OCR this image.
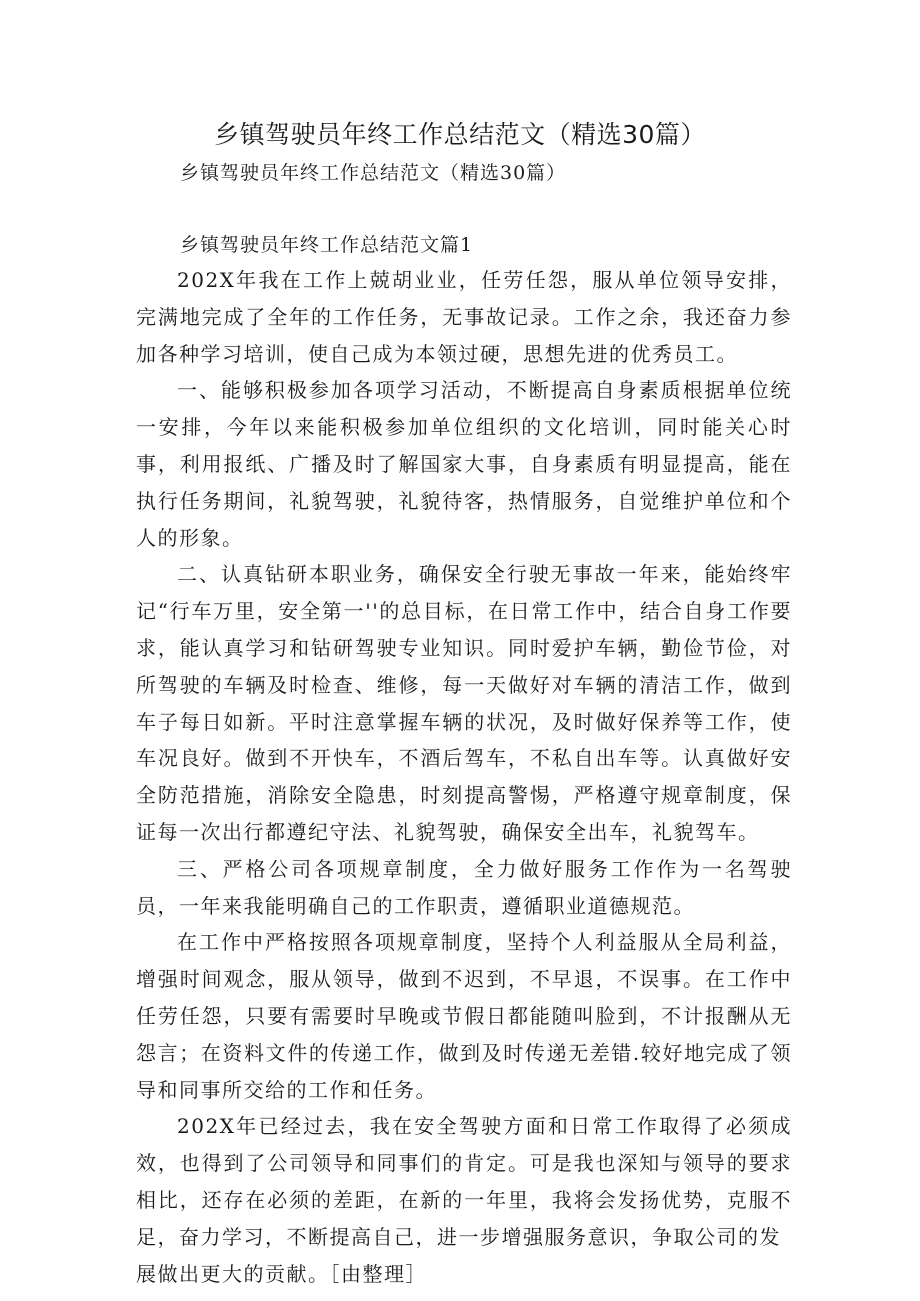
乡镇驾驶员年终工作总结范文（精选30篇）
乡镇驾驶员年终工作总结范文（精选30篇）
乡镇驾驶员年终工作总结范文篇1

202X年我在工作上兢胡业业，任劳任怨，服从单位领导安排，完满地完成了全年的工作任务，无事故记录。工作之余，我还奋力参加各种学习培训，使自己成为本领过硬，思想先进的优秀员工。

一、能够积极参加各项学习活动，不断提高自身素质根据单位统一安排，今年以来能积极参加单位组织的文化培训，同时能关心时事，利用报纸、广播及时了解国家大事，自身素质有明显提高，能在执行任务期间，礼貌驾驶，礼貌待客，热情服务，自觉维护单位和个人的形象。

二、认真钻研本职业务，确保安全行驶无事故一年来，能始终牢记“行车万里，安全第一''的总目标，在日常工作中，结合自身工作要求，能认真学习和钻研驾驶专业知识。同时爱护车辆，勤俭节俭，对所驾驶的车辆及时检查、维修，每一天做好对车辆的清洁工作，做到车子每日如新。平时注意掌握车辆的状况，及时做好保养等工作，使车况良好。做到不开快车，不酒后驾车，不私自出车等。认真做好安全防范措施，消除安全隐患，时刻提高警惕，严格遵守规章制度，保证每一次出行都遵纪守法、礼貌驾驶，确保安全出车，礼貌驾车。

三、严格公司各项规章制度，全力做好服务工作作为一名驾驶员，一年来我能明确自己的工作职责，遵循职业道德规范。

在工作中严格按照各项规章制度，坚持个人利益服从全局利益，增强时间观念，服从领导，做到不迟到，不早退，不误事。在工作中任劳任怨，只要有需要时早晚或节假日都能随叫脸到，不计报酬从无怨言；在资料文件的传递工作，做到及时传递无差错.较好地完成了领导和同事所交给的工作和任务。

202X年已经过去，我在安全驾驶方面和日常工作取得了必须成效，也得到了公司领导和同事们的肯定。可是我也深知与领导的要求相比，还存在必须的差距，在新的一年里，我将会发扬优势，克服不足，奋力学习，不断提高自己，进一步增强服务意识，争取公司的发

展做出更大的贡献。［由整理］
